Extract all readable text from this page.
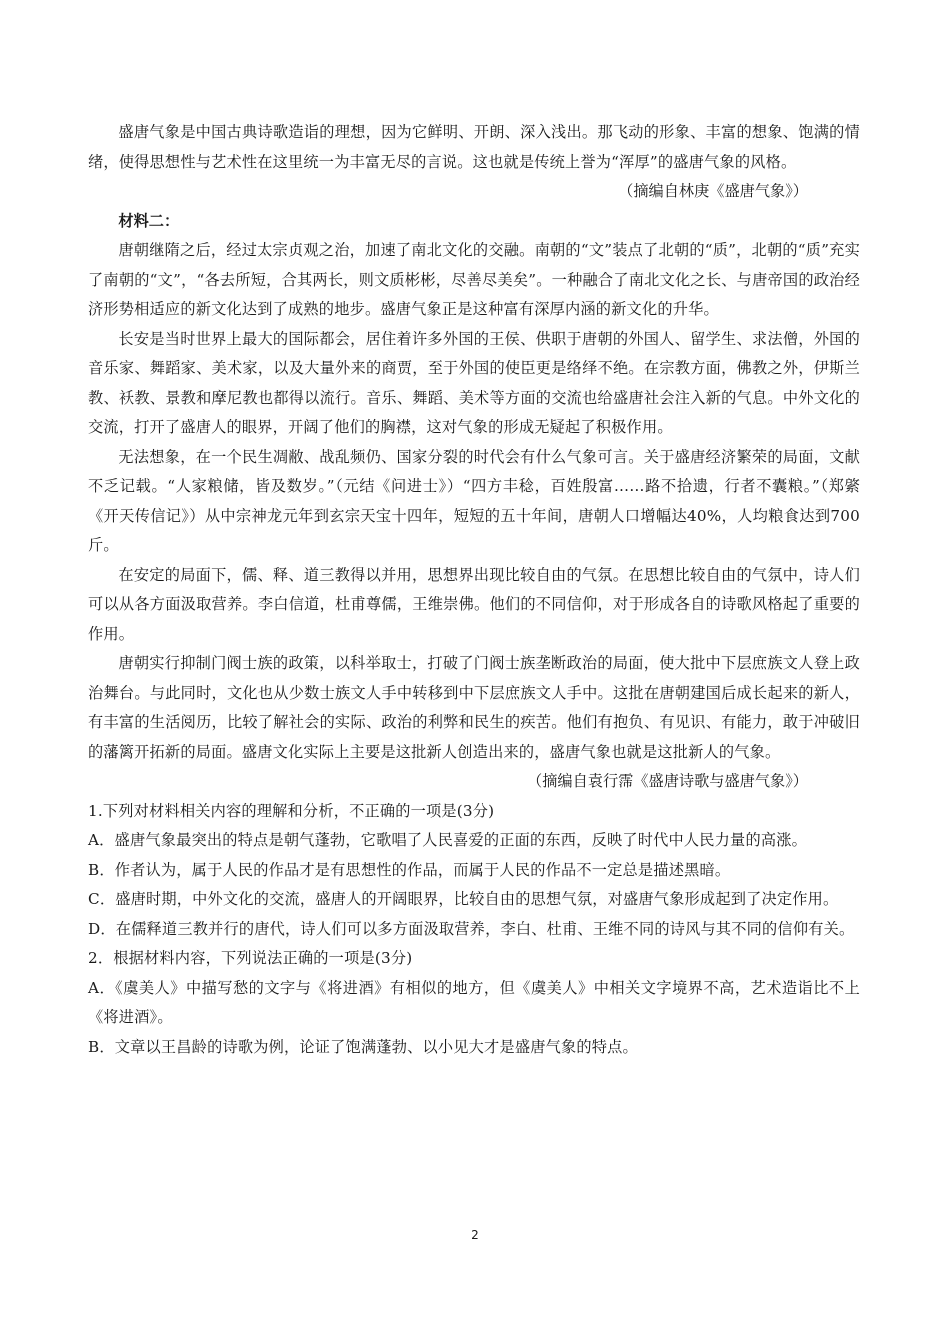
盛唐气象是中国古典诗歌造诣的理想，因为它鲜明、开朗、深入浅出。那飞动的形象、丰富的想象、饱满的情绪，使得思想性与艺术性在这里统一为丰富无尽的言说。这也就是传统上誉为“浑厚”的盛唐气象的风格。

（摘编自林庚《盛唐气象》）

材料二：

唐朝继隋之后，经过太宗贞观之治，加速了南北文化的交融。南朝的“文”装点了北朝的“质”，北朝的“质”充实了南朝的“文”，“各去所短，合其两长，则文质彬彬，尽善尽美矣”。一种融合了南北文化之长、与唐帝国的政治经济形势相适应的新文化达到了成熟的地步。盛唐气象正是这种富有深厚内涵的新文化的升华。

长安是当时世界上最大的国际都会，居住着许多外国的王侯、供职于唐朝的外国人、留学生、求法僧，外国的音乐家、舞蹈家、美术家，以及大量外来的商贾，至于外国的使臣更是络绎不绝。在宗教方面，佛教之外，伊斯兰教、袄教、景教和摩尼教也都得以流行。音乐、舞蹈、美术等方面的交流也给盛唐社会注入新的气息。中外文化的交流，打开了盛唐人的眼界，开阔了他们的胸襟，这对气象的形成无疑起了积极作用。

无法想象，在一个民生凋敝、战乱频仍、国家分裂的时代会有什么气象可言。关于盛唐经济繁荣的局面，文献不乏记载。“人家粮储，皆及数岁。”（元结《问进士》）“四方丰稔，百姓殷富……路不拾遗，行者不囊粮。”（郑綮《开天传信记》）从中宗神龙元年到玄宗天宝十四年，短短的五十年间，唐朝人口增幅达40%，人均粮食达到700斤。

在安定的局面下，儒、释、道三教得以并用，思想界出现比较自由的气氛。在思想比较自由的气氛中，诗人们可以从各方面汲取营养。李白信道，杜甫尊儒，王维崇佛。他们的不同信仰，对于形成各自的诗歌风格起了重要的作用。

唐朝实行抑制门阀士族的政策，以科举取士，打破了门阀士族垄断政治的局面，使大批中下层庶族文人登上政治舞台。与此同时，文化也从少数士族文人手中转移到中下层庶族文人手中。这批在唐朝建国后成长起来的新人，有丰富的生活阅历，比较了解社会的实际、政治的利弊和民生的疾苦。他们有抱负、有见识、有能力，敢于冲破旧的藩篱开拓新的局面。盛唐文化实际上主要是这批新人创造出来的，盛唐气象也就是这批新人的气象。

（摘编自袁行霈《盛唐诗歌与盛唐气象》）

1.下列对材料相关内容的理解和分析，不正确的一项是(3分)

A．盛唐气象最突出的特点是朝气蓬勃，它歌唱了人民喜爱的正面的东西，反映了时代中人民力量的高涨。

B．作者认为，属于人民的作品才是有思想性的作品，而属于人民的作品不一定总是描述黑暗。

C．盛唐时期，中外文化的交流，盛唐人的开阔眼界，比较自由的思想气氛，对盛唐气象形成起到了决定作用。

D．在儒释道三教并行的唐代，诗人们可以多方面汲取营养，李白、杜甫、王维不同的诗风与其不同的信仰有关。

2．根据材料内容，下列说法正确的一项是(3分)

A．《虞美人》中描写愁的文字与《将进酒》有相似的地方，但《虞美人》中相关文字境界不高，艺术造诣比不上《将进酒》。

B．文章以王昌龄的诗歌为例，论证了饱满蓬勃、以小见大才是盛唐气象的特点。

2
